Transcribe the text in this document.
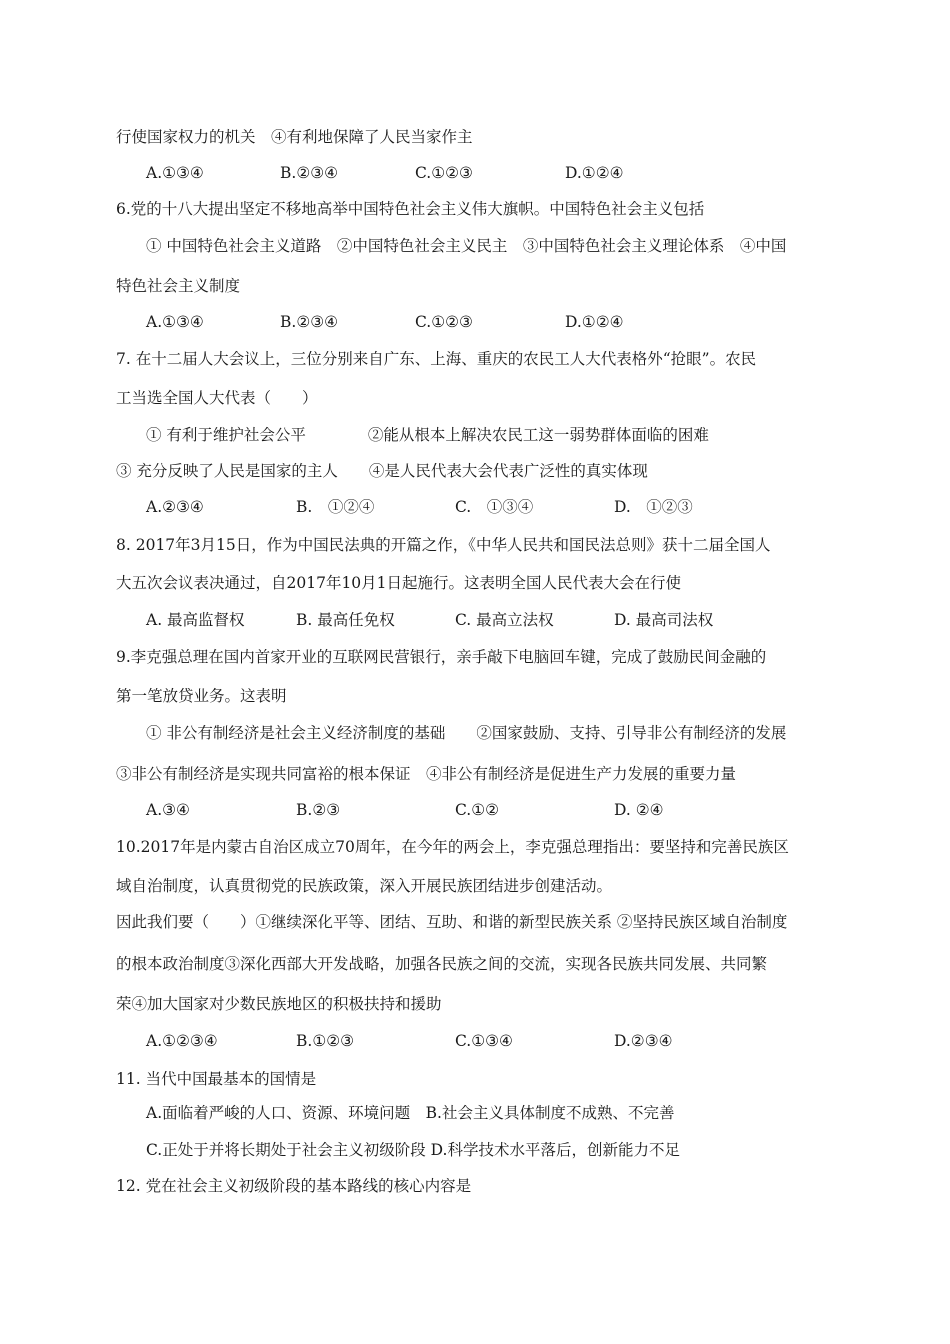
行使国家权力的机关　④有利地保障了人民当家作主
A.①③④	B.②③④	C.①②③	D.①②④
6.党的十八大提出坚定不移地高举中国特色社会主义伟大旗帜。中国特色社会主义包括
① 中国特色社会主义道路　②中国特色社会主义民主　③中国特色社会主义理论体系　④中国
特色社会主义制度
A.①③④	B.②③④	C.①②③	D.①②④
7. 在十二届人大会议上，三位分别来自广东、上海、重庆的农民工人大代表格外“抢眼”。农民
工当选全国人大代表（　　）
① 有利于维护社会公平　　　　②能从根本上解决农民工这一弱势群体面临的困难
③ 充分反映了人民是国家的主人　　④是人民代表大会代表广泛性的真实体现
A.②③④	B.　①②④	C.　①③④	D.　①②③
8. 2017年3月15日，作为中国民法典的开篇之作，《中华人民共和国民法总则》获十二届全国人
大五次会议表决通过，自2017年10月1日起施行。这表明全国人民代表大会在行使
A. 最高监督权	B. 最高任免权	C. 最高立法权	D. 最高司法权
9.李克强总理在国内首家开业的互联网民营银行，亲手敲下电脑回车键，完成了鼓励民间金融的
第一笔放贷业务。这表明
① 非公有制经济是社会主义经济制度的基础　　②国家鼓励、支持、引导非公有制经济的发展
③非公有制经济是实现共同富裕的根本保证　④非公有制经济是促进生产力发展的重要力量
A.③④	B.②③	C.①②	D. ②④
10.2017年是内蒙古自治区成立70周年，在今年的两会上，李克强总理指出：要坚持和完善民族区
域自治制度，认真贯彻党的民族政策，深入开展民族团结进步创建活动。
因此我们要（　　）①继续深化平等、团结、互助、和谐的新型民族关系 ②坚持民族区域自治制度
的根本政治制度③深化西部大开发战略，加强各民族之间的交流，实现各民族共同发展、共同繁
荣④加大国家对少数民族地区的积极扶持和援助
A.①②③④	B.①②③	C.①③④	D.②③④
11. 当代中国最基本的国情是
A.面临着严峻的人口、资源、环境问题　B.社会主义具体制度不成熟、不完善
C.正处于并将长期处于社会主义初级阶段 D.科学技术水平落后，创新能力不足
12. 党在社会主义初级阶段的基本路线的核心内容是
